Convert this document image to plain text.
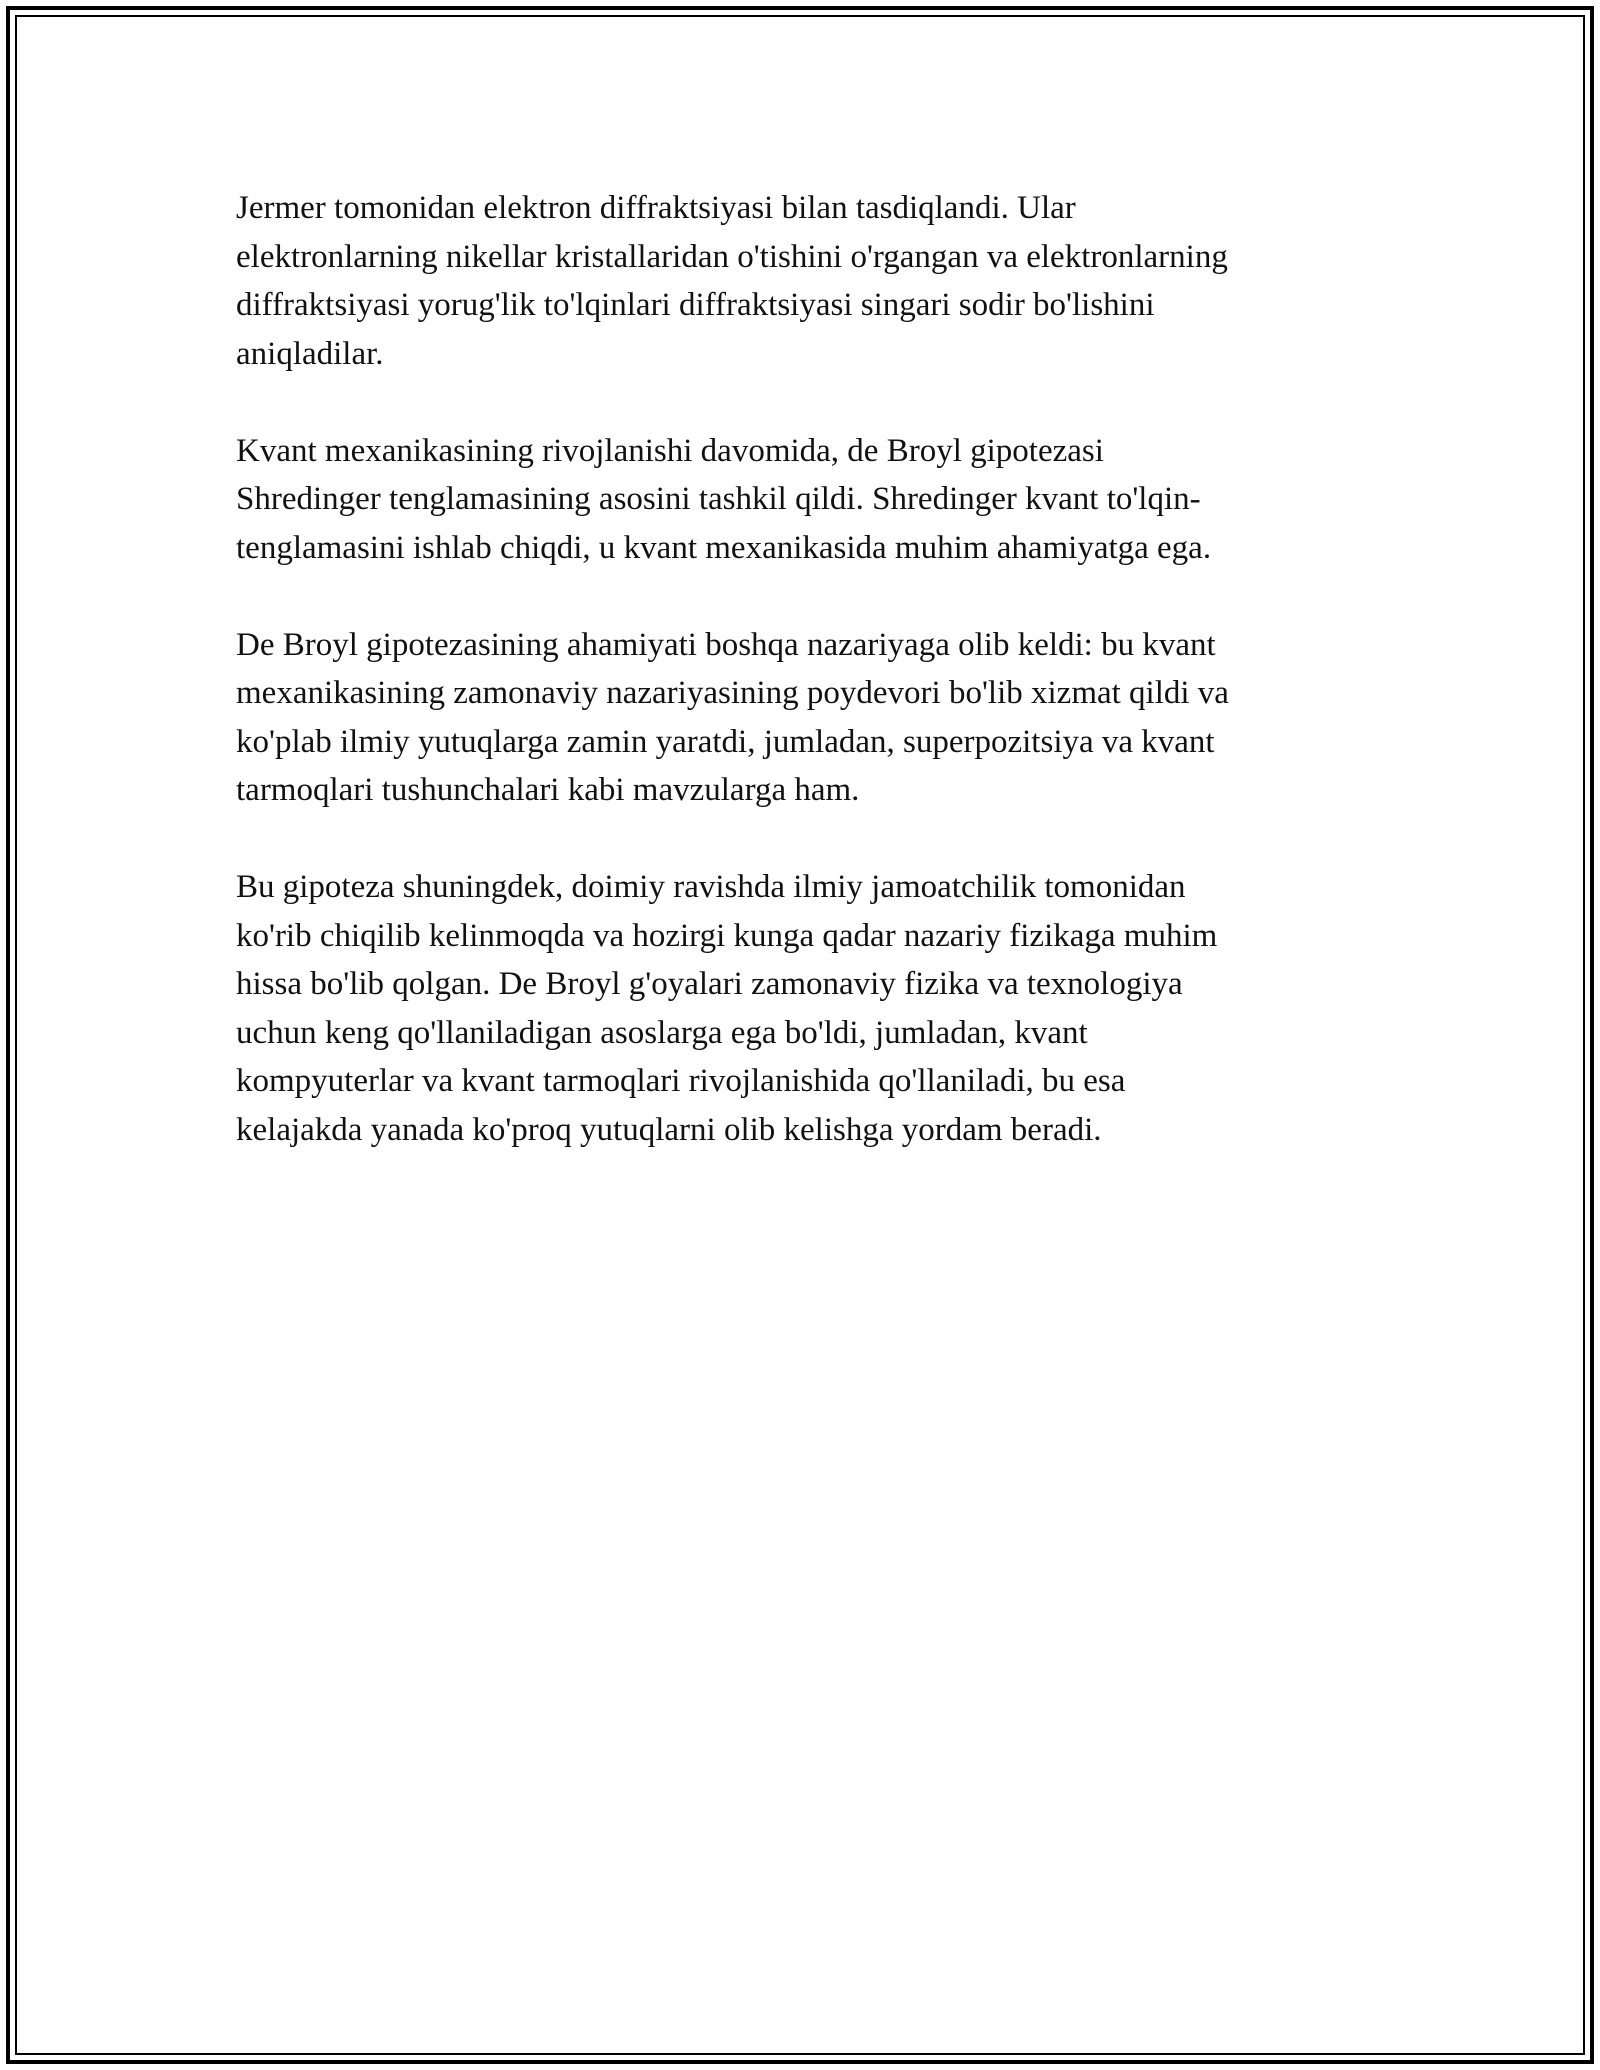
Jermer tomonidan elektron diffraktsiyasi bilan tasdiqlandi. Ular
elektronlarning nikellar kristallaridan o'tishini o'rgangan va elektronlarning
diffraktsiyasi yorug'lik to'lqinlari diffraktsiyasi singari sodir bo'lishini
aniqladilar.

Kvant mexanikasining rivojlanishi davomida, de Broyl gipotezasi
Shredinger tenglamasining asosini tashkil qildi. Shredinger kvant to'lqin-
tenglamasini ishlab chiqdi, u kvant mexanikasida muhim ahamiyatga ega.

De Broyl gipotezasining ahamiyati boshqa nazariyaga olib keldi: bu kvant
mexanikasining zamonaviy nazariyasining poydevori bo'lib xizmat qildi va
ko'plab ilmiy yutuqlarga zamin yaratdi, jumladan, superpozitsiya va kvant
tarmoqlari tushunchalari kabi mavzularga ham.

Bu gipoteza shuningdek, doimiy ravishda ilmiy jamoatchilik tomonidan
ko'rib chiqilib kelinmoqda va hozirgi kunga qadar nazariy fizikaga muhim
hissa bo'lib qolgan. De Broyl g'oyalari zamonaviy fizika va texnologiya
uchun keng qo'llaniladigan asoslarga ega bo'ldi, jumladan, kvant
kompyuterlar va kvant tarmoqlari rivojlanishida qo'llaniladi, bu esa
kelajakda yanada ko'proq yutuqlarni olib kelishga yordam beradi.
